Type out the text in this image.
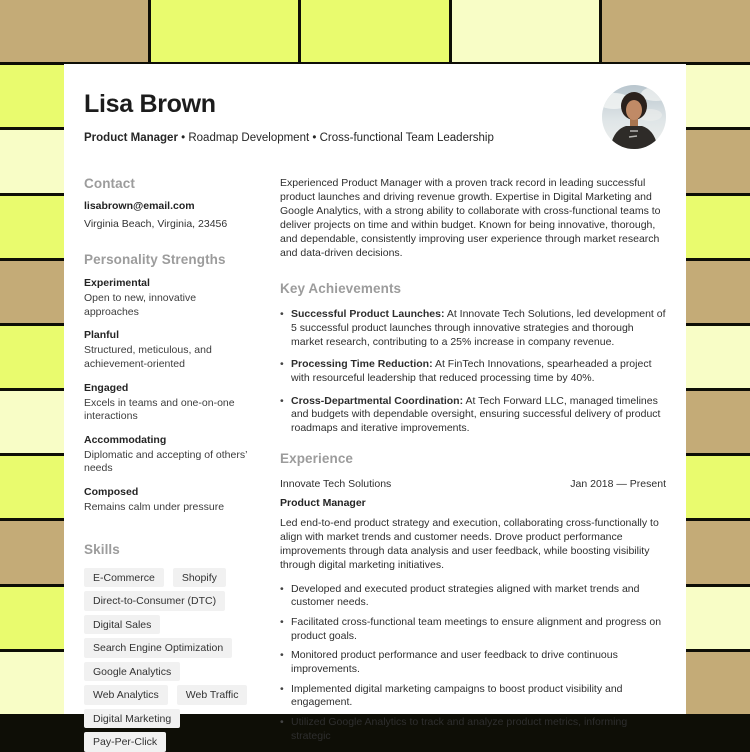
Lisa Brown
Product Manager • Roadmap Development • Cross-functional Team Leadership
Contact
lisabrown@email.com
Virginia Beach, Virginia, 23456
Personality Strengths
Experimental
Open to new, innovative approaches
Planful
Structured, meticulous, and achievement-oriented
Engaged
Excels in teams and one-on-one interactions
Accommodating
Diplomatic and accepting of others’ needs
Composed
Remains calm under pressure
Skills
E-Commerce	Shopify
Direct-to-Consumer (DTC)
Digital Sales
Search Engine Optimization
Google Analytics
Web Analytics	Web Traffic
Digital Marketing
Pay-Per-Click
Experienced Product Manager with a proven track record in leading successful product launches and driving revenue growth. Expertise in Digital Marketing and Google Analytics, with a strong ability to collaborate with cross-functional teams to deliver projects on time and within budget. Known for being innovative, thorough, and dependable, consistently improving user experience through market research and data-driven decisions.
Key Achievements
• Successful Product Launches: At Innovate Tech Solutions, led development of 5 successful product launches through innovative strategies and thorough market research, contributing to a 25% increase in company revenue.
• Processing Time Reduction: At FinTech Innovations, spearheaded a project with resourceful leadership that reduced processing time by 40%.
• Cross-Departmental Coordination: At Tech Forward LLC, managed timelines and budgets with dependable oversight, ensuring successful delivery of product roadmaps and iterative improvements.
Experience
Innovate Tech Solutions	Jan 2018 — Present
Product Manager
Led end-to-end product strategy and execution, collaborating cross-functionally to align with market trends and customer needs. Drove product performance improvements through data analysis and user feedback, while boosting visibility through digital marketing initiatives.
• Developed and executed product strategies aligned with market trends and customer needs.
• Facilitated cross-functional team meetings to ensure alignment and progress on product goals.
• Monitored product performance and user feedback to drive continuous improvements.
• Implemented digital marketing campaigns to boost product visibility and engagement.
• Utilized Google Analytics to track and analyze product metrics, informing strategic
